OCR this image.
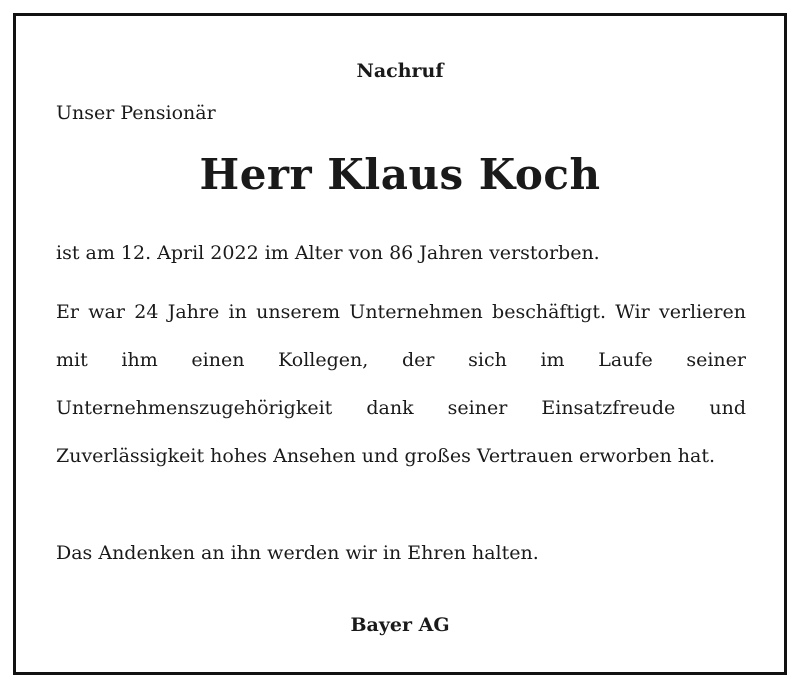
Nachruf
Unser Pensionär
Herr Klaus Koch
ist am 12. April 2022 im Alter von 86 Jahren verstorben.

Er war 24 Jahre in unserem Unternehmen beschäftigt. Wir verlieren mit ihm einen Kollegen, der sich im Laufe seiner Unternehmenszugehörigkeit dank seiner Einsatzfreude und Zuverlässigkeit hohes Ansehen und großes Vertrauen erworben hat.

Das Andenken an ihn werden wir in Ehren halten.
Bayer AG
